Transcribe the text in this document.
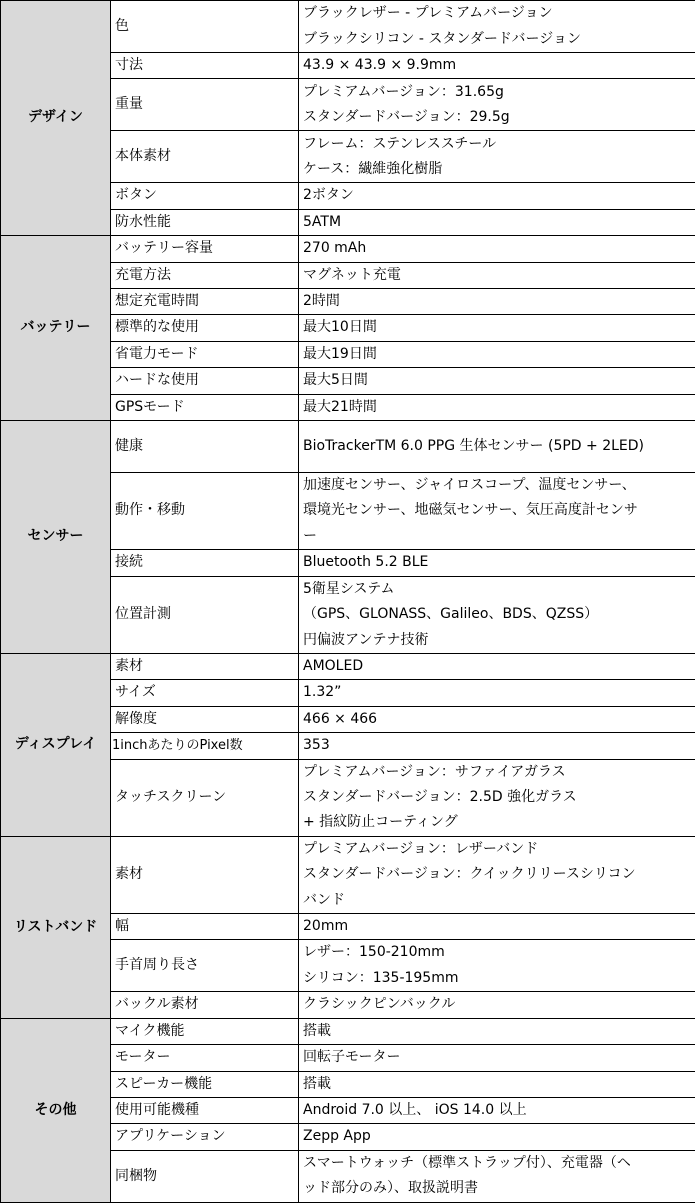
デザイン	色	ブラックレザー - プレミアムバージョン
ブラックシリコン - スタンダードバージョン
	寸法	43.9 × 43.9 × 9.9mm
	重量	プレミアムバージョン：31.65g
スタンダードバージョン：29.5g
	本体素材	フレーム：ステンレススチール
ケース：繊維強化樹脂
	ボタン	2ボタン
	防水性能	5ATM
バッテリー	バッテリー容量	270 mAh
	充電方法	マグネット充電
	想定充電時間	2時間
	標準的な使用	最大10日間
	省電力モード	最大19日間
	ハードな使用	最大5日間
	GPSモード	最大21時間
センサー	健康	BioTrackerTM 6.0 PPG 生体センサー (5PD + 2LED)
	動作・移動	加速度センサー、ジャイロスコープ、温度センサー、
環境光センサー、地磁気センサー、気圧高度計センサ
ー
	接続	Bluetooth 5.2 BLE
	位置計測	5衛星システム
（GPS、GLONASS、Galileo、BDS、QZSS）
円偏波アンテナ技術
ディスプレイ	素材	AMOLED
	サイズ	1.32”
	解像度	466 × 466
	1inchあたりのPixel数	353
	タッチスクリーン	プレミアムバージョン：サファイアガラス
スタンダードバージョン：2.5D 強化ガラス
+ 指紋防止コーティング
リストバンド	素材	プレミアムバージョン：レザーバンド
スタンダードバージョン：クイックリリースシリコン
バンド
	幅	20mm
	手首周り長さ	レザー：150-210mm
シリコン：135-195mm
	バックル素材	クラシックピンバックル
その他	マイク機能	搭載
	モーター	回転子モーター
	スピーカー機能	搭載
	使用可能機種	Android 7.0 以上、 iOS 14.0 以上
	アプリケーション	Zepp App
	同梱物	スマートウォッチ（標準ストラップ付）、充電器（ヘ
ッド部分のみ）、取扱説明書
